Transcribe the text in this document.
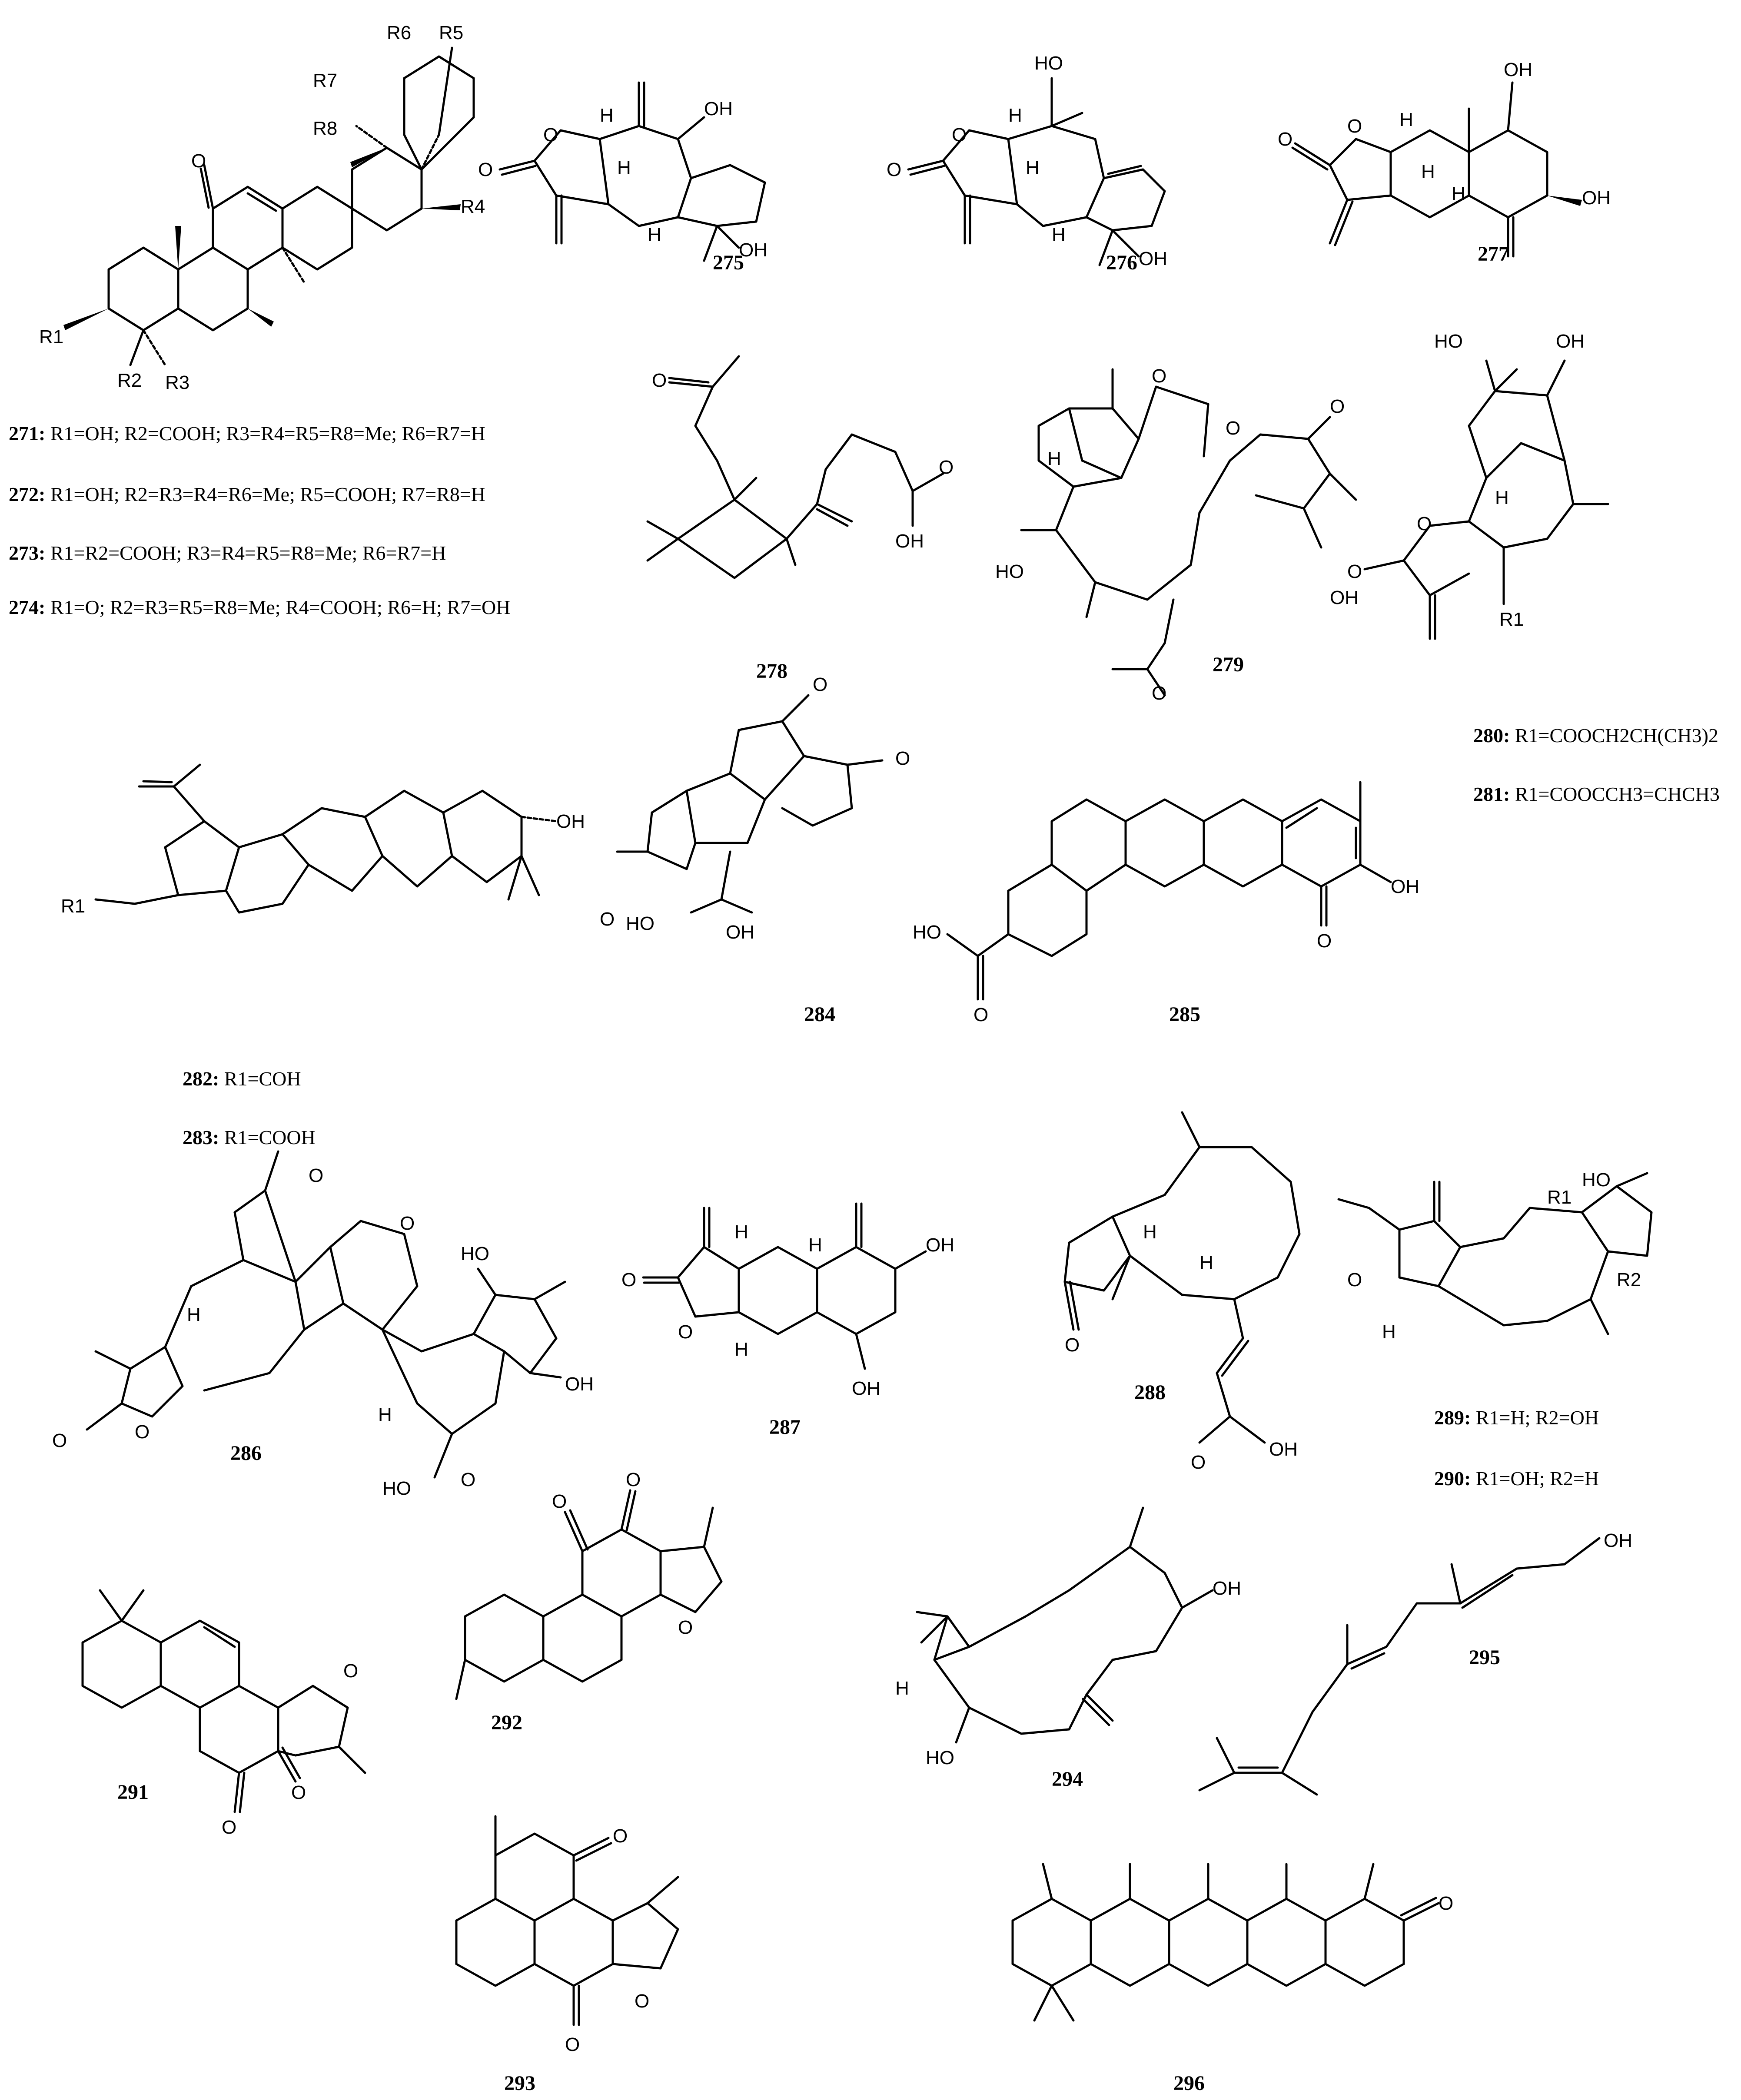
O
R1
R2 R3
R4
R5
R6
R7
R8
OH
OH
O
O	H
H
H
275
HO
OH
O
O
H
H
H
276
OH
OH
O
O
H
H
H
277
O
O
OH
278
HO
OH
O
O
O
O
H
279
HO	OH
O
O
R1
H
OH
R1
HO	OH
O
O
O
284
OH
O
HO
O	285
HO
OH
HO	O
O
O
O
O
H
H
286
OH
OH
O
O
H
H
H
287
O
O
OH
H
H
288
HO
O
R1
R2
H
O
O
O
291
O
O
O
292
O
O
O
293
OH
HO
H
294
OH
295
O
296
271: R1=OH; R2=COOH; R3=R4=R5=R8=Me; R6=R7=H
272: R1=OH; R2=R3=R4=R6=Me; R5=COOH; R7=R8=H
273: R1=R2=COOH; R3=R4=R5=R8=Me; R6=R7=H
274: R1=O; R2=R3=R5=R8=Me; R4=COOH; R6=H; R7=OH
280: R1=COOCH2CH(CH3)2
281: R1=COOCCH3=CHCH3
282: R1=COH
283: R1=COOH
289: R1=H; R2=OH
290: R1=OH; R2=H
